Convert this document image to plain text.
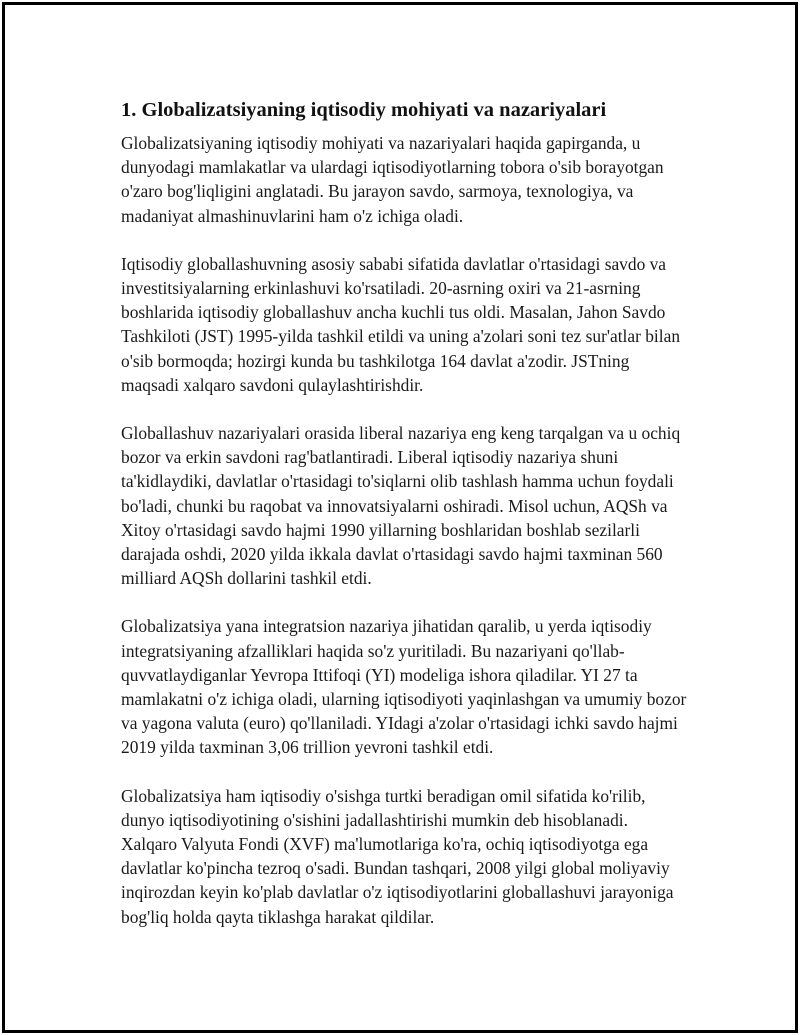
1. Globalizatsiyaning iqtisodiy mohiyati va nazariyalari

Globalizatsiyaning iqtisodiy mohiyati va nazariyalari haqida gapirganda, u dunyodagi mamlakatlar va ulardagi iqtisodiyotlarning tobora o'sib borayotgan o'zaro bog'liqligini anglatadi. Bu jarayon savdo, sarmoya, texnologiya, va madaniyat almashinuvlarini ham o'z ichiga oladi.

Iqtisodiy globallashuvning asosiy sababi sifatida davlatlar o'rtasidagi savdo va investitsiyalarning erkinlashuvi ko'rsatiladi. 20-asrning oxiri va 21-asrning boshlarida iqtisodiy globallashuv ancha kuchli tus oldi. Masalan, Jahon Savdo Tashkiloti (JST) 1995-yilda tashkil etildi va uning a'zolari soni tez sur'atlar bilan o'sib bormoqda; hozirgi kunda bu tashkilotga 164 davlat a'zodir. JSTning maqsadi xalqaro savdoni qulaylashtirishdir.

Globallashuv nazariyalari orasida liberal nazariya eng keng tarqalgan va u ochiq bozor va erkin savdoni rag'batlantiradi. Liberal iqtisodiy nazariya shuni ta'kidlaydiki, davlatlar o'rtasidagi to'siqlarni olib tashlash hamma uchun foydali bo'ladi, chunki bu raqobat va innovatsiyalarni oshiradi. Misol uchun, AQSh va Xitoy o'rtasidagi savdo hajmi 1990 yillarning boshlaridan boshlab sezilarli darajada oshdi, 2020 yilda ikkala davlat o'rtasidagi savdo hajmi taxminan 560 milliard AQSh dollarini tashkil etdi.

Globalizatsiya yana integratsion nazariya jihatidan qaralib, u yerda iqtisodiy integratsiyaning afzalliklari haqida so'z yuritiladi. Bu nazariyani qo'llab-quvvatlaydiganlar Yevropa Ittifoqi (YI) modeliga ishora qiladilar. YI 27 ta mamlakatni o'z ichiga oladi, ularning iqtisodiyoti yaqinlashgan va umumiy bozor va yagona valuta (euro) qo'llaniladi. YIdagi a'zolar o'rtasidagi ichki savdo hajmi 2019 yilda taxminan 3,06 trillion yevroni tashkil etdi.

Globalizatsiya ham iqtisodiy o'sishga turtki beradigan omil sifatida ko'rilib, dunyo iqtisodiyotining o'sishini jadallashtirishi mumkin deb hisoblanadi. Xalqaro Valyuta Fondi (XVF) ma'lumotlariga ko'ra, ochiq iqtisodiyotga ega davlatlar ko'pincha tezroq o'sadi. Bundan tashqari, 2008 yilgi global moliyaviy inqirozdan keyin ko'plab davlatlar o'z iqtisodiyotlarini globallashuvi jarayoniga bog'liq holda qayta tiklashga harakat qildilar.
